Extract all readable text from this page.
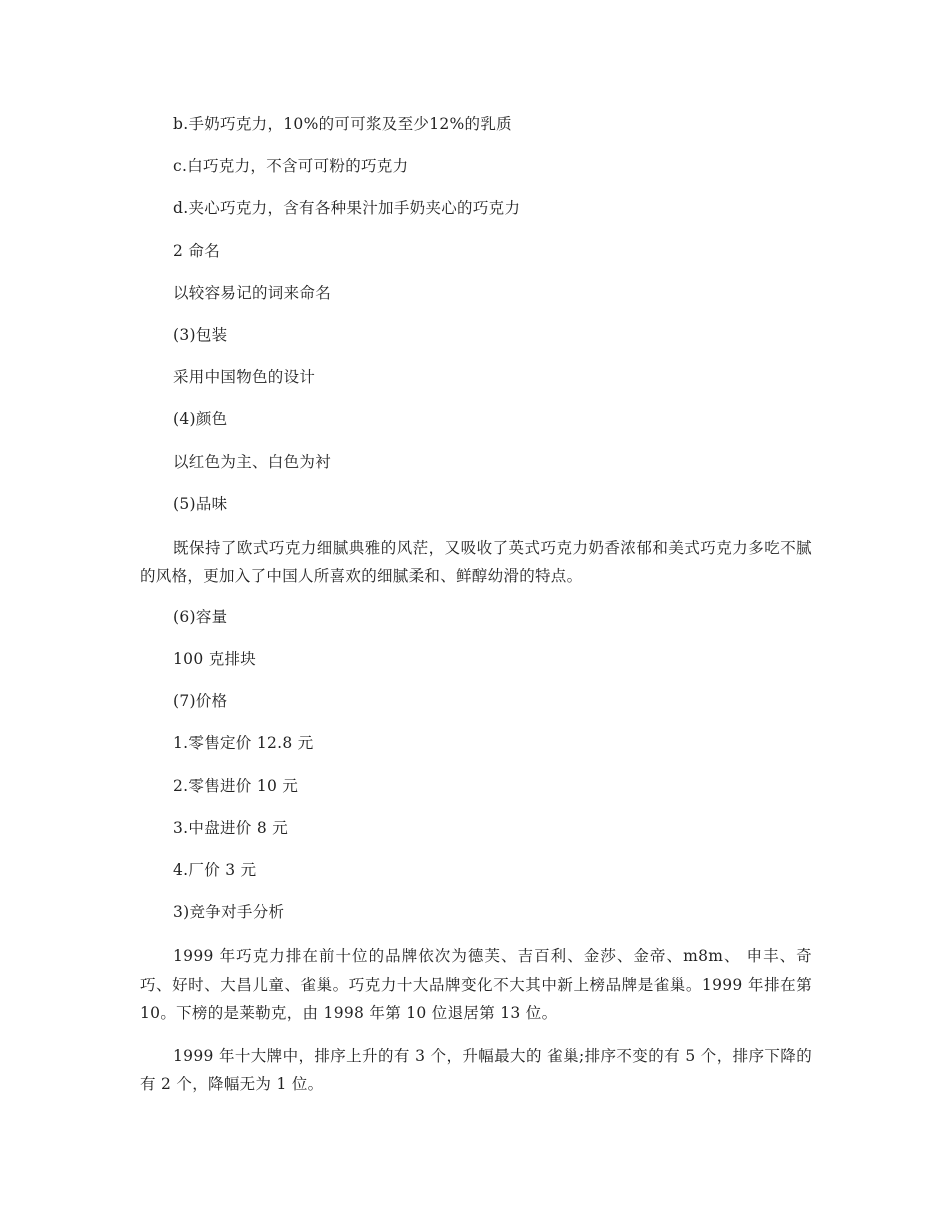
b.手奶巧克力，10%的可可浆及至少12%的乳质

c.白巧克力，不含可可粉的巧克力

d.夹心巧克力，含有各种果汁加手奶夹心的巧克力

2 命名

以较容易记的词来命名

(3)包装

采用中国物色的设计

(4)颜色

以红色为主、白色为衬

(5)品味

既保持了欧式巧克力细腻典雅的风茫，又吸收了英式巧克力奶香浓郁和美式巧克力多吃不腻的风格，更加入了中国人所喜欢的细腻柔和、鲜醇幼滑的特点。

(6)容量

100 克排块

(7)价格

1.零售定价 12.8 元

2.零售进价 10 元

3.中盘进价 8 元

4.厂价 3 元

3)竞争对手分析

1999 年巧克力排在前十位的品牌依次为德芙、吉百利、金莎、金帝、m8m、 申丰、奇巧、好时、大昌儿童、雀巢。巧克力十大品牌变化不大其中新上榜品牌是雀巢。1999 年排在第 10。下榜的是莱勒克，由 1998 年第 10 位退居第 13 位。

1999 年十大牌中，排序上升的有 3 个，升幅最大的 雀巢;排序不变的有 5 个，排序下降的有 2 个，降幅无为 1 位。
